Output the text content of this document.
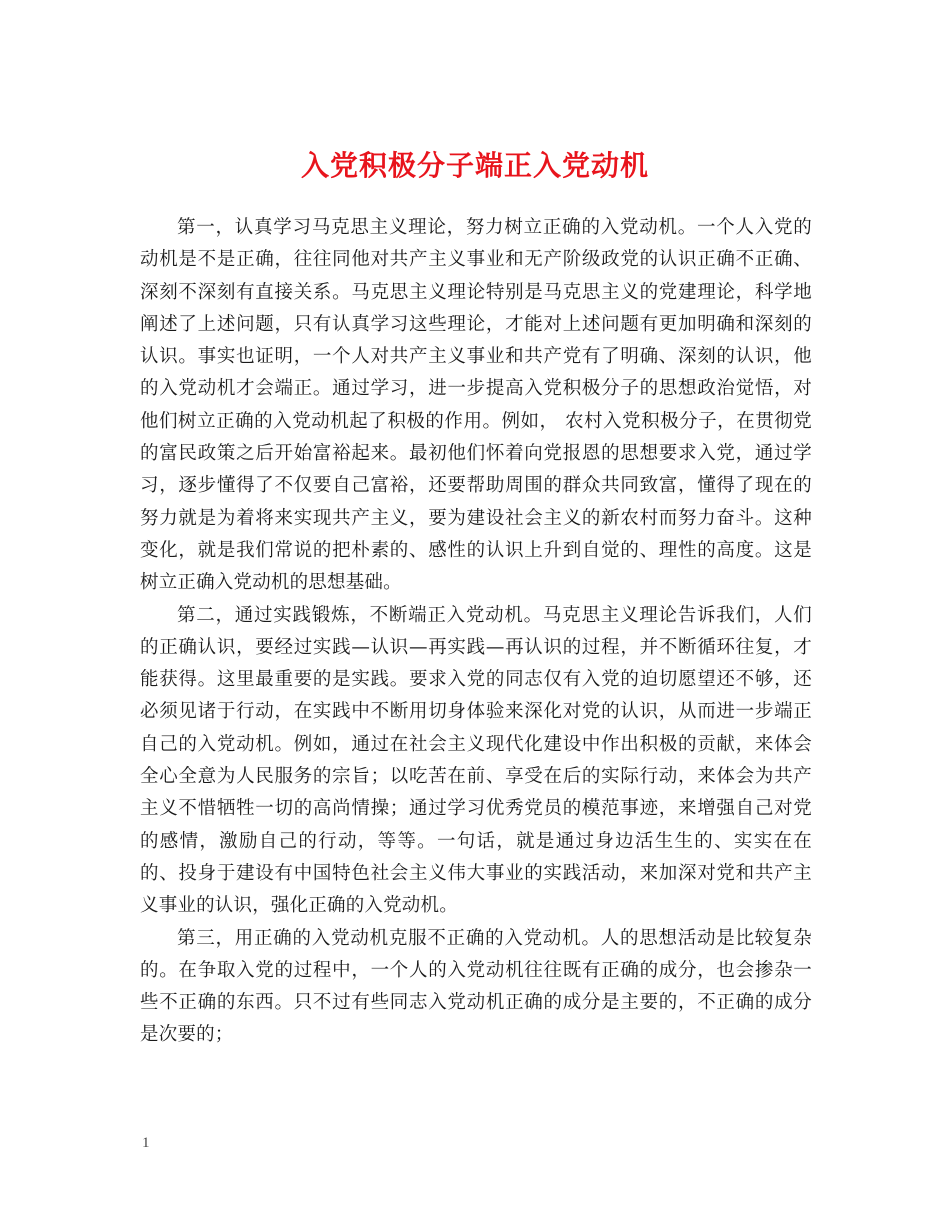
入党积极分子端正入党动机

第一，认真学习马克思主义理论，努力树立正确的入党动机。一个人入党的动机是不是正确，往往同他对共产主义事业和无产阶级政党的认识正确不正确、深刻不深刻有直接关系。马克思主义理论特别是马克思主义的党建理论，科学地阐述了上述问题，只有认真学习这些理论，才能对上述问题有更加明确和深刻的认识。事实也证明，一个人对共产主义事业和共产党有了明确、深刻的认识，他的入党动机才会端正。通过学习，进一步提高入党积极分子的思想政治觉悟，对他们树立正确的入党动机起了积极的作用。例如， 农村入党积极分子，在贯彻党的富民政策之后开始富裕起来。最初他们怀着向党报恩的思想要求入党，通过学习，逐步懂得了不仅要自己富裕，还要帮助周围的群众共同致富，懂得了现在的努力就是为着将来实现共产主义，要为建设社会主义的新农村而努力奋斗。这种变化，就是我们常说的把朴素的、感性的认识上升到自觉的、理性的高度。这是树立正确入党动机的思想基础。

第二，通过实践锻炼，不断端正入党动机。马克思主义理论告诉我们，人们的正确认识，要经过实践—认识—再实践—再认识的过程，并不断循环往复，才能获得。这里最重要的是实践。要求入党的同志仅有入党的迫切愿望还不够，还必须见诸于行动，在实践中不断用切身体验来深化对党的认识，从而进一步端正自己的入党动机。例如，通过在社会主义现代化建设中作出积极的贡献，来体会全心全意为人民服务的宗旨；以吃苦在前、享受在后的实际行动，来体会为共产主义不惜牺牲一切的高尚情操；通过学习优秀党员的模范事迹，来增强自己对党的感情，激励自己的行动，等等。一句话，就是通过身边活生生的、实实在在的、投身于建设有中国特色社会主义伟大事业的实践活动，来加深对党和共产主义事业的认识，强化正确的入党动机。

第三，用正确的入党动机克服不正确的入党动机。人的思想活动是比较复杂的。在争取入党的过程中，一个人的入党动机往往既有正确的成分，也会掺杂一些不正确的东西。只不过有些同志入党动机正确的成分是主要的，不正确的成分是次要的；

1
